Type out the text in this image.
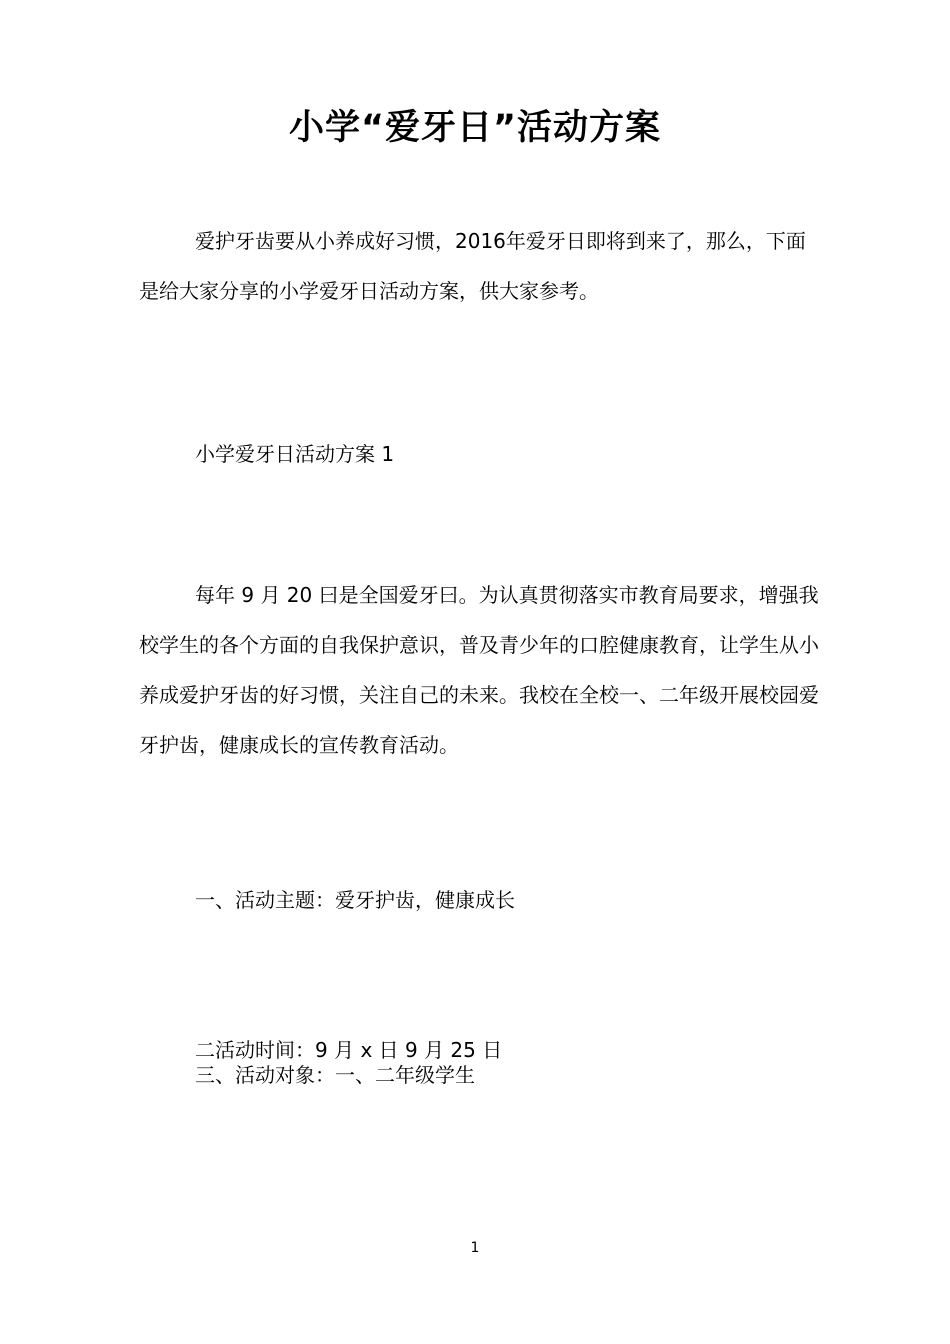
小学“爱牙日”活动方案

爱护牙齿要从小养成好习惯，2016年爱牙日即将到来了，那么，下面是给大家分享的小学爱牙日活动方案，供大家参考。

小学爱牙日活动方案 1

每年 9 月 20 曰是全国爱牙曰。为认真贯彻落实市教育局要求，增强我校学生的各个方面的自我保护意识，普及青少年的口腔健康教育，让学生从小养成爱护牙齿的好习惯，关注自己的未来。我校在全校一、二年级开展校园爱牙护齿，健康成长的宣传教育活动。

一、活动主题：爱牙护齿，健康成长
二活动时间：9 月 x 日 9 月 25 日
三、活动对象：一、二年级学生
1
